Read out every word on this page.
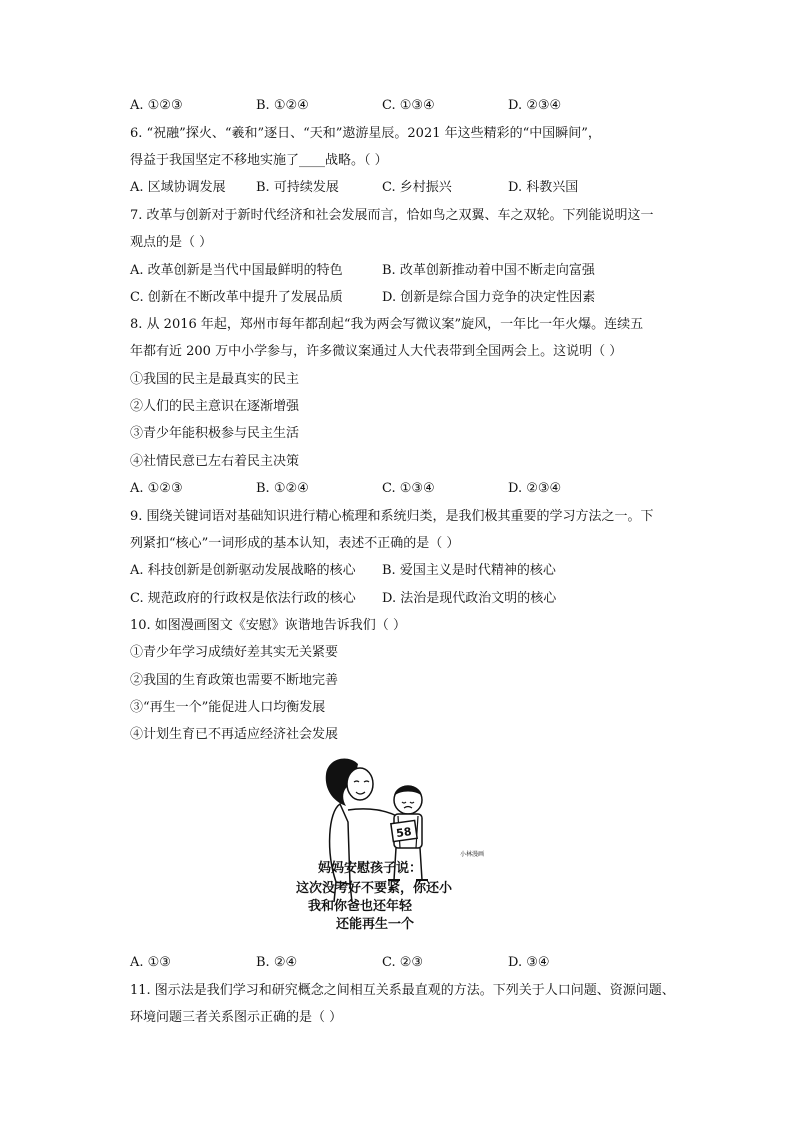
A. ①②③	B. ①②④	C. ①③④	D. ②③④
6. “祝融”探火、“羲和”逐日、“天和”遨游星辰。2021 年这些精彩的“中国瞬间”，
得益于我国坚定不移地实施了____战略。（ ）
A. 区域协调发展 B. 可持续发展	C. 乡村振兴	D. 科教兴国
7. 改革与创新对于新时代经济和社会发展而言，恰如鸟之双翼、车之双轮。下列能说明这一
观点的是（ ）
A. 改革创新是当代中国最鲜明的特色	B. 改革创新推动着中国不断走向富强
C. 创新在不断改革中提升了发展品质	D. 创新是综合国力竞争的决定性因素
8. 从 2016 年起，郑州市每年都刮起“我为两会写微议案”旋风，一年比一年火爆。连续五
年都有近 200 万中小学参与，许多微议案通过人大代表带到全国两会上。这说明（ ）
①我国的民主是最真实的民主
②人们的民主意识在逐渐增强
③青少年能积极参与民主生活
④社情民意已左右着民主决策
A. ①②③	B. ①②④	C. ①③④	D. ②③④
9. 围绕关键词语对基础知识进行精心梳理和系统归类，是我们极其重要的学习方法之一。下
列紧扣“核心”一词形成的基本认知，表述不正确的是（ ）
A. 科技创新是创新驱动发展战略的核心 B. 爱国主义是时代精神的核心
C. 规范政府的行政权是依法行政的核心 D. 法治是现代政治文明的核心
10. 如图漫画图文《安慰》诙谐地告诉我们（ ）
①青少年学习成绩好差其实无关紧要
②我国的生育政策也需要不断地完善
③“再生一个”能促进人口均衡发展
④计划生育已不再适应经济社会发展
58
小林漫画
妈妈安慰孩子说：
这次没考好不要紧，你还小
我和你爸也还年轻
还能再生一个
A. ①③	B. ②④	C. ②③	D. ③④
11. 图示法是我们学习和研究概念之间相互关系最直观的方法。下列关于人口问题、资源问题、
环境问题三者关系图示正确的是（ ）
